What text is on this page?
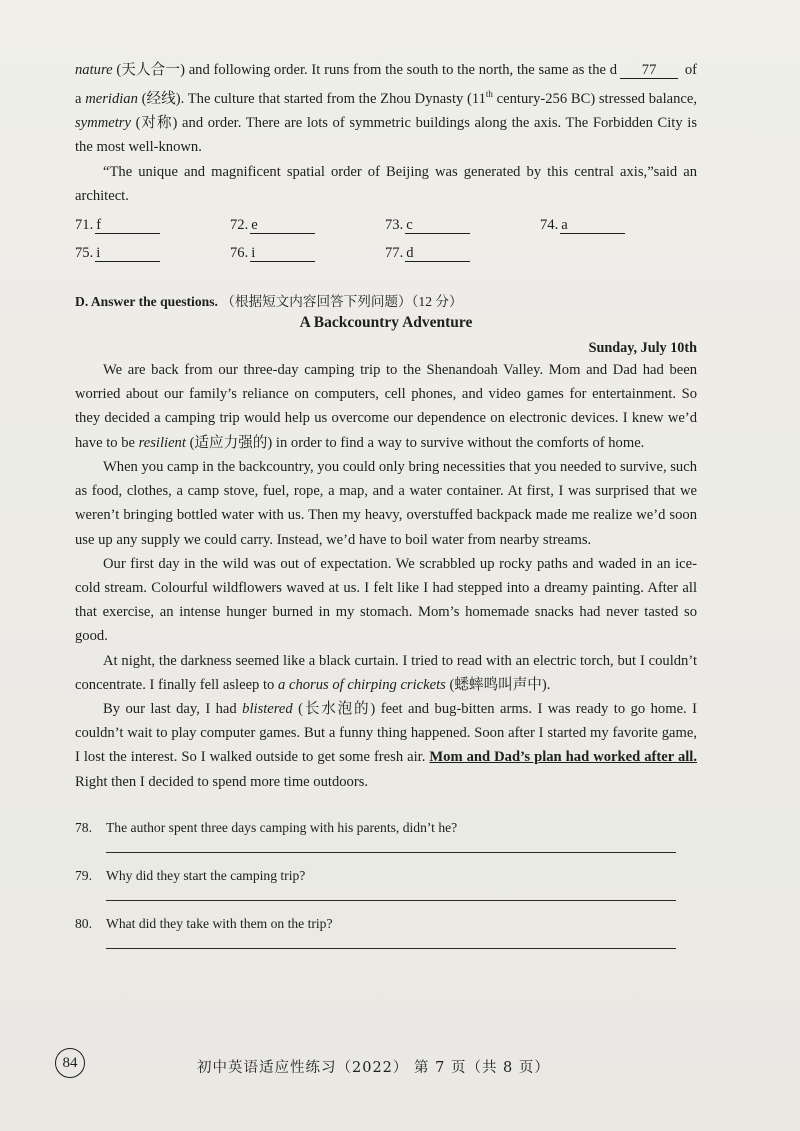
nature (天人合一) and following order. It runs from the south to the north, the same as the d 77 of a meridian (经线). The culture that started from the Zhou Dynasty (11th century-256 BC) stressed balance, symmetry (对称) and order. There are lots of symmetric buildings along the axis. The Forbidden City is the most well-known.

“The unique and magnificent spatial order of Beijing was generated by this central axis,”said an architect.

71. f	72. e	73. c	74. a
75. i	76. i	77. d
D. Answer the questions. （根据短文内容回答下列问题）（12 分）
A Backcountry Adventure
Sunday, July 10th

We are back from our three-day camping trip to the Shenandoah Valley. Mom and Dad had been worried about our family’s reliance on computers, cell phones, and video games for entertainment. So they decided a camping trip would help us overcome our dependence on electronic devices. I knew we’d have to be resilient (适应力强的) in order to find a way to survive without the comforts of home.

When you camp in the backcountry, you could only bring necessities that you needed to survive, such as food, clothes, a camp stove, fuel, rope, a map, and a water container. At first, I was surprised that we weren’t bringing bottled water with us. Then my heavy, overstuffed backpack made me realize we’d soon use up any supply we could carry. Instead, we’d have to boil water from nearby streams.

Our first day in the wild was out of expectation. We scrabbled up rocky paths and waded in an ice-cold stream. Colourful wildflowers waved at us. I felt like I had stepped into a dreamy painting. After all that exercise, an intense hunger burned in my stomach. Mom’s homemade snacks had never tasted so good.

At night, the darkness seemed like a black curtain. I tried to read with an electric torch, but I couldn’t concentrate. I finally fell asleep to a chorus of chirping crickets (蟋蟀鸣叫声中).

By our last day, I had blistered (长水泡的) feet and bug-bitten arms. I was ready to go home. I couldn’t wait to play computer games. But a funny thing happened. Soon after I started my favorite game, I lost the interest. So I walked outside to get some fresh air. Mom and Dad’s plan had worked after all. Right then I decided to spend more time outdoors.

78.	The author spent three days camping with his parents, didn’t he?
79.	Why did they start the camping trip?
80.	What did they take with them on the trip?
84	初中英语适应性练习（2022） 第 7 页（共 8 页）
